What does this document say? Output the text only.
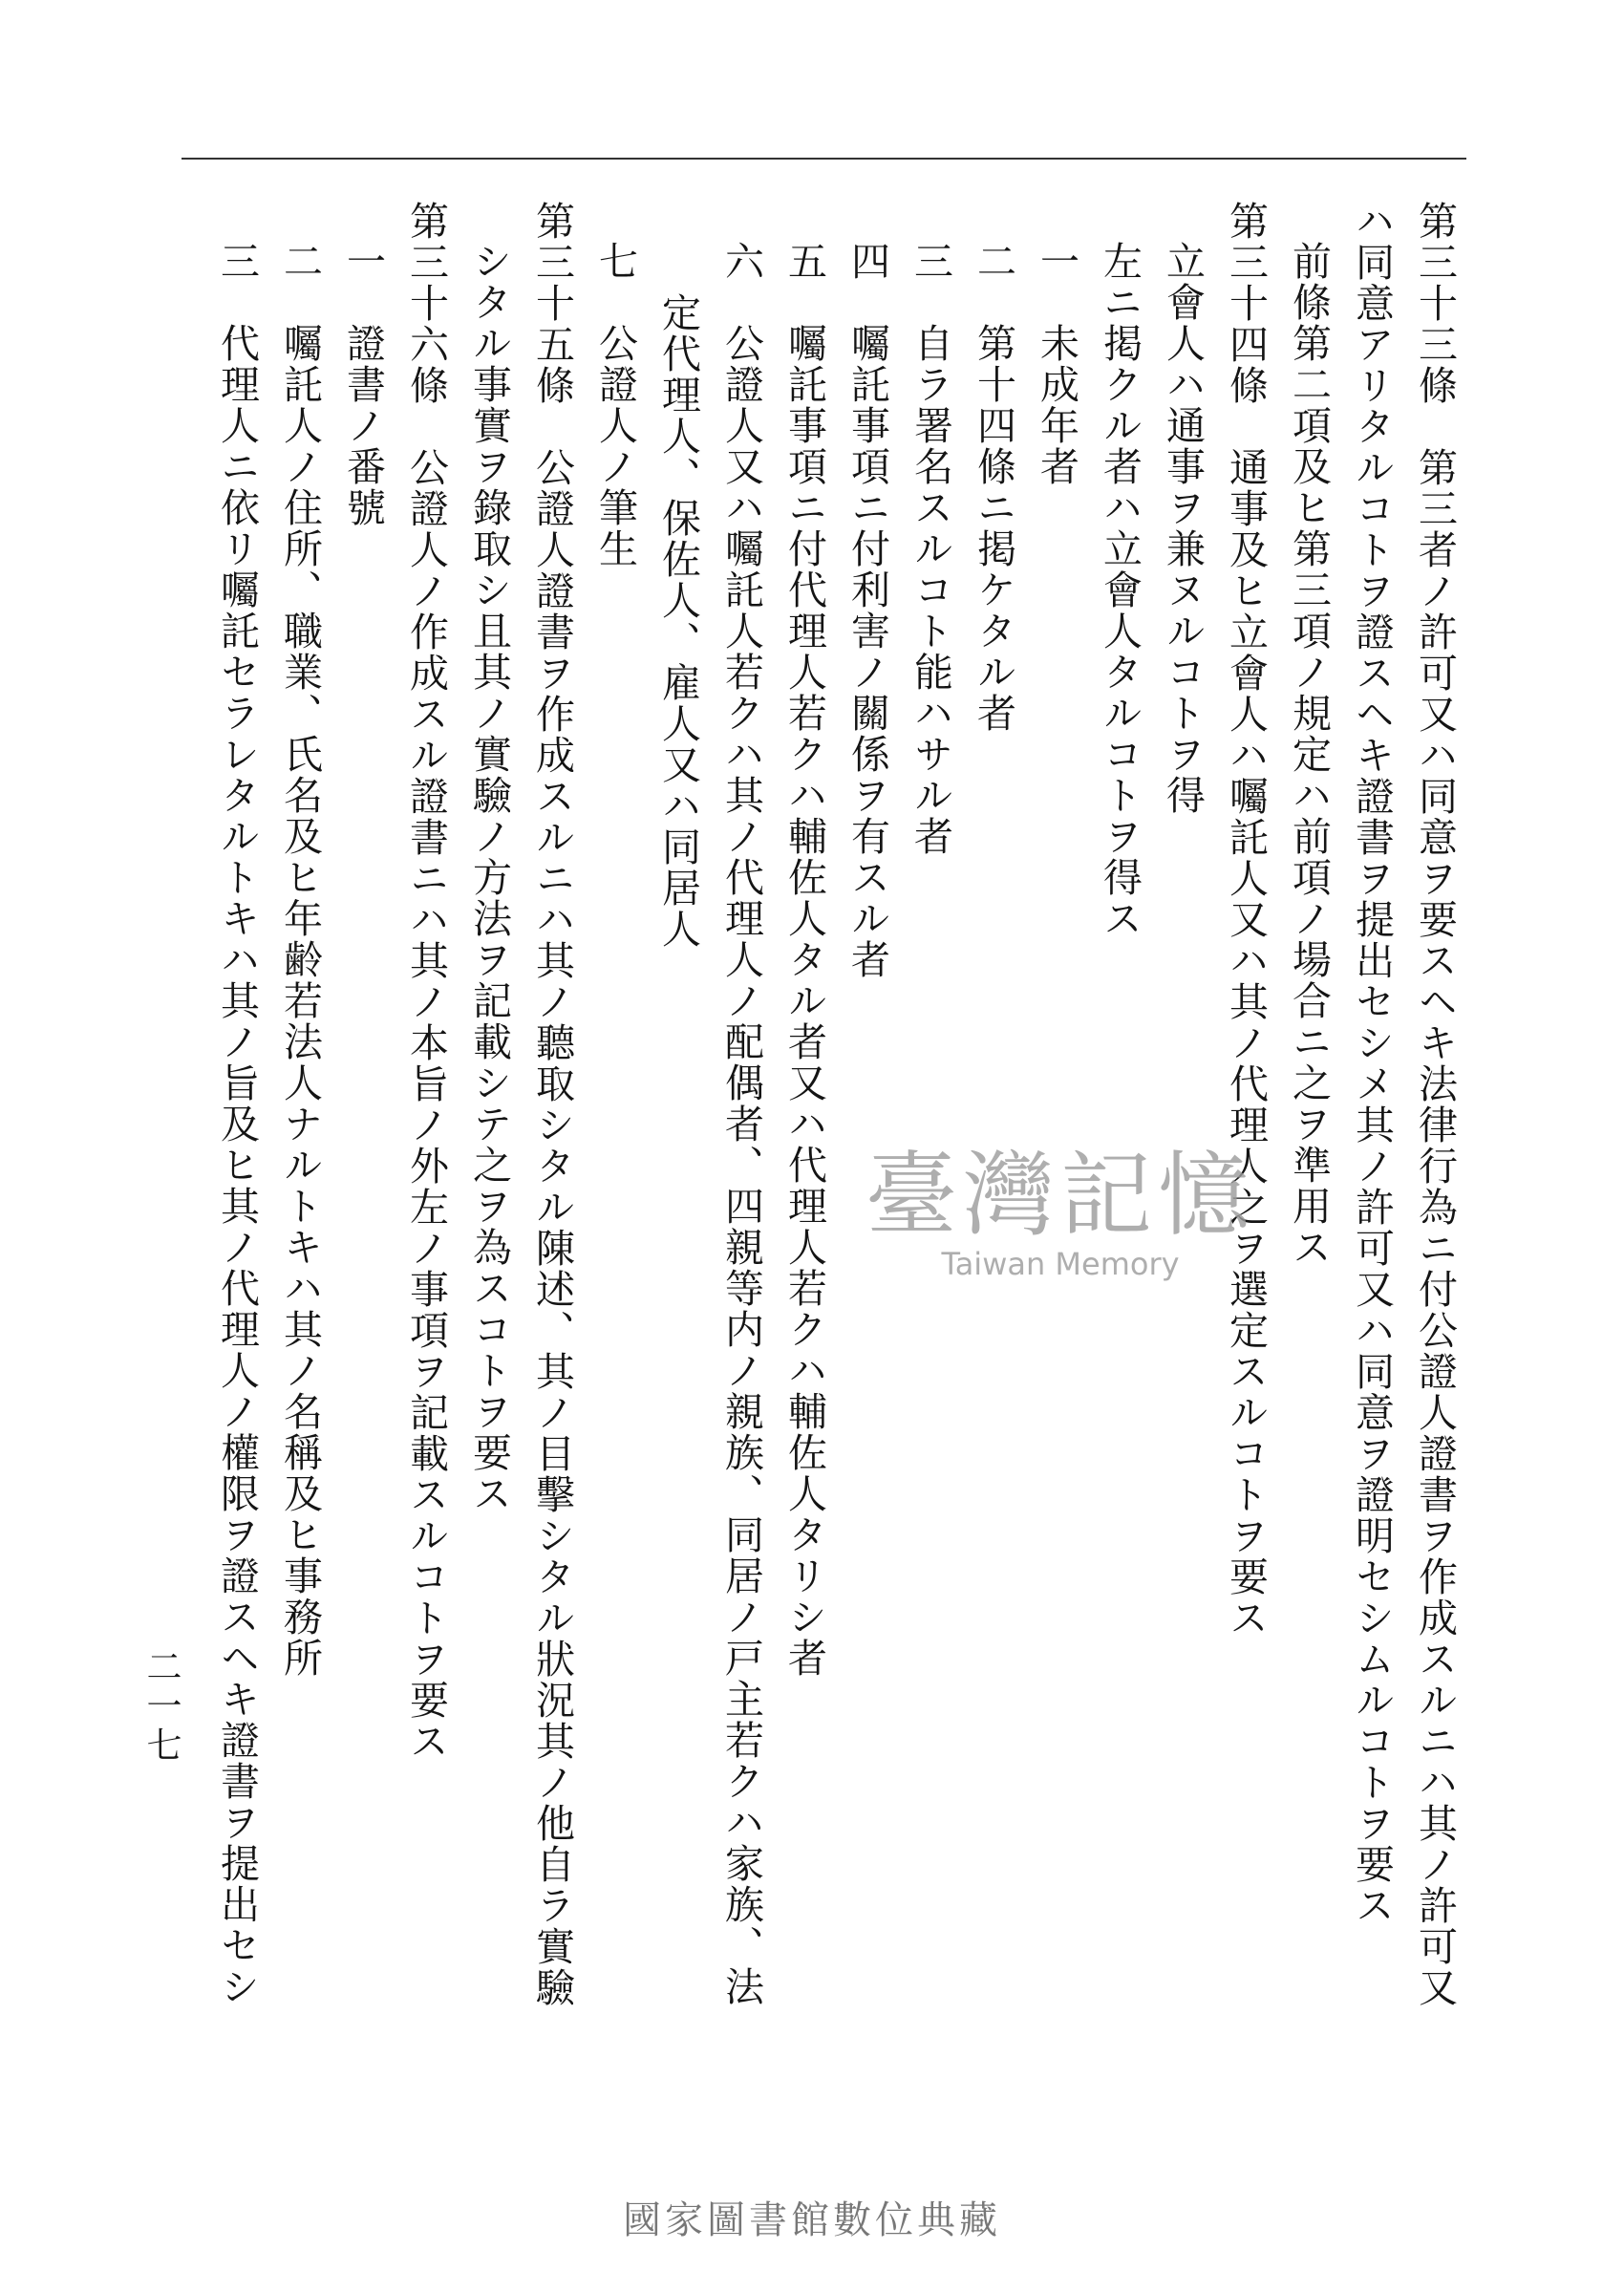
第三十三條　第三者ノ許可又ハ同意ヲ要スヘキ法律行為ニ付公證人證書ヲ作成スルニハ其ノ許可又
ハ同意アリタルコトヲ證スヘキ證書ヲ提出セシメ其ノ許可又ハ同意ヲ證明セシムルコトヲ要ス
前條第二項及ヒ第三項ノ規定ハ前項ノ場合ニ之ヲ準用ス
第三十四條　通事及ヒ立會人ハ囑託人又ハ其ノ代理人之ヲ選定スルコトヲ要ス
立會人ハ通事ヲ兼ヌルコトヲ得
左ニ掲クル者ハ立會人タルコトヲ得ス
一　未成年者
二　第十四條ニ掲ケタル者
三　自ラ署名スルコト能ハサル者
四　囑託事項ニ付利害ノ關係ヲ有スル者
五　囑託事項ニ付代理人若クハ輔佐人タル者又ハ代理人若クハ輔佐人タリシ者
六　公證人又ハ囑託人若クハ其ノ代理人ノ配偶者、四親等内ノ親族、同居ノ戸主若クハ家族、法
定代理人、保佐人、雇人又ハ同居人
七　公證人ノ筆生
第三十五條　公證人證書ヲ作成スルニハ其ノ聽取シタル陳述、其ノ目擊シタル狀況其ノ他自ラ實驗
シタル事實ヲ錄取シ且其ノ實驗ノ方法ヲ記載シテ之ヲ為スコトヲ要ス
第三十六條　公證人ノ作成スル證書ニハ其ノ本旨ノ外左ノ事項ヲ記載スルコトヲ要ス
一　證書ノ番號
二　囑託人ノ住所、職業、氏名及ヒ年齢若法人ナルトキハ其ノ名稱及ヒ事務所
三　代理人ニ依リ囑託セラレタルトキハ其ノ旨及ヒ其ノ代理人ノ權限ヲ證スヘキ證書ヲ提出セシ
二一七
臺灣記憶
Taiwan Memory
國家圖書館數位典藏
